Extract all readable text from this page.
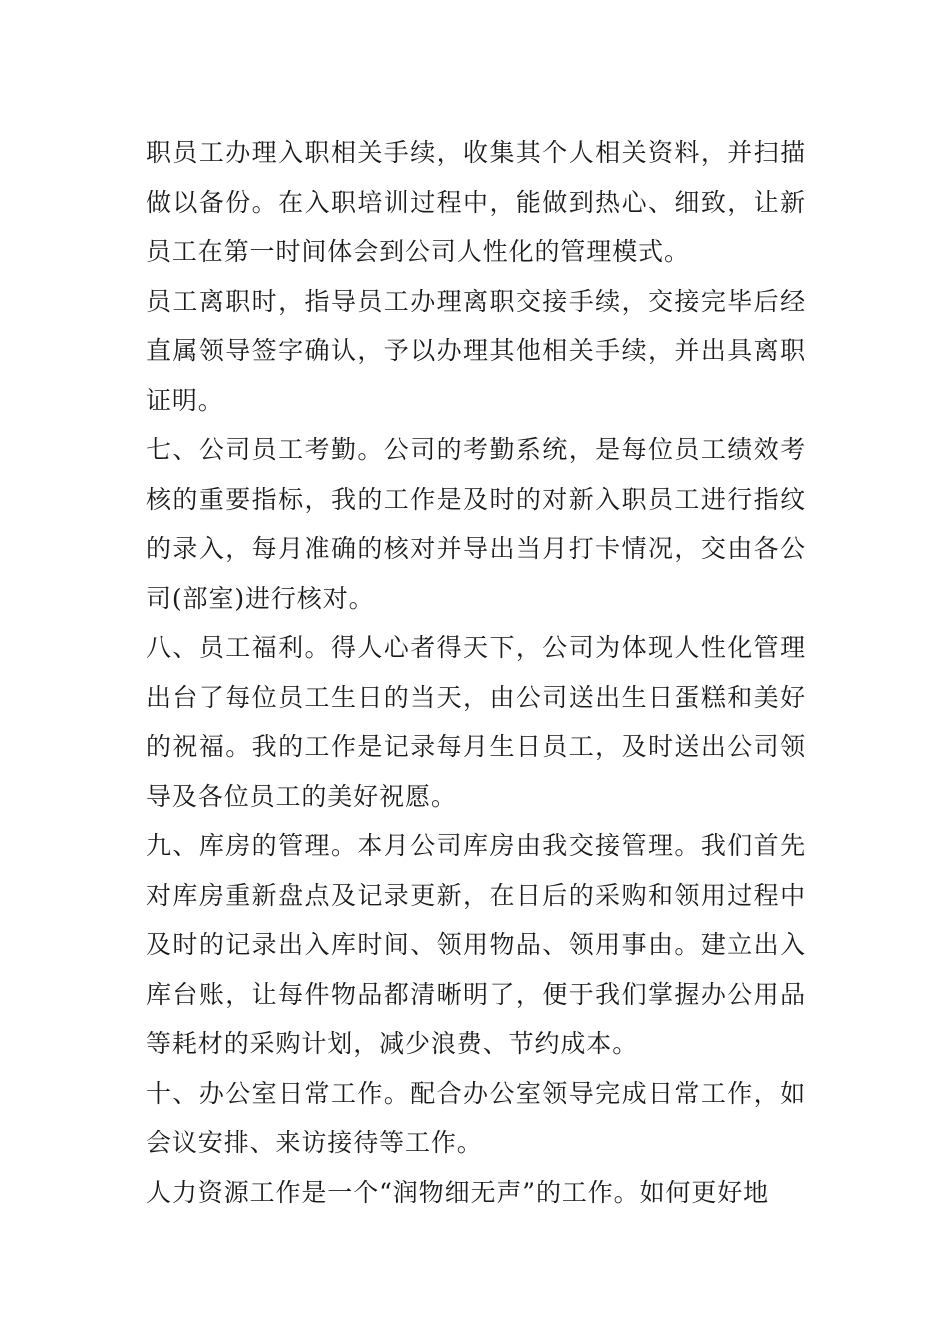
职员工办理入职相关手续，收集其个人相关资料，并扫描做以备份。在入职培训过程中，能做到热心、细致，让新员工在第一时间体会到公司人性化的管理模式。

员工离职时，指导员工办理离职交接手续，交接完毕后经直属领导签字确认，予以办理其他相关手续，并出具离职证明。

七、公司员工考勤。公司的考勤系统，是每位员工绩效考核的重要指标，我的工作是及时的对新入职员工进行指纹的录入，每月准确的核对并导出当月打卡情况，交由各公司(部室)进行核对。

八、员工福利。得人心者得天下，公司为体现人性化管理出台了每位员工生日的当天，由公司送出生日蛋糕和美好的祝福。我的工作是记录每月生日员工，及时送出公司领导及各位员工的美好祝愿。

九、库房的管理。本月公司库房由我交接管理。我们首先对库房重新盘点及记录更新，在日后的采购和领用过程中及时的记录出入库时间、领用物品、领用事由。建立出入库台账，让每件物品都清晰明了，便于我们掌握办公用品等耗材的采购计划，减少浪费、节约成本。

十、办公室日常工作。配合办公室领导完成日常工作，如会议安排、来访接待等工作。

人力资源工作是一个“润物细无声”的工作。如何更好地
